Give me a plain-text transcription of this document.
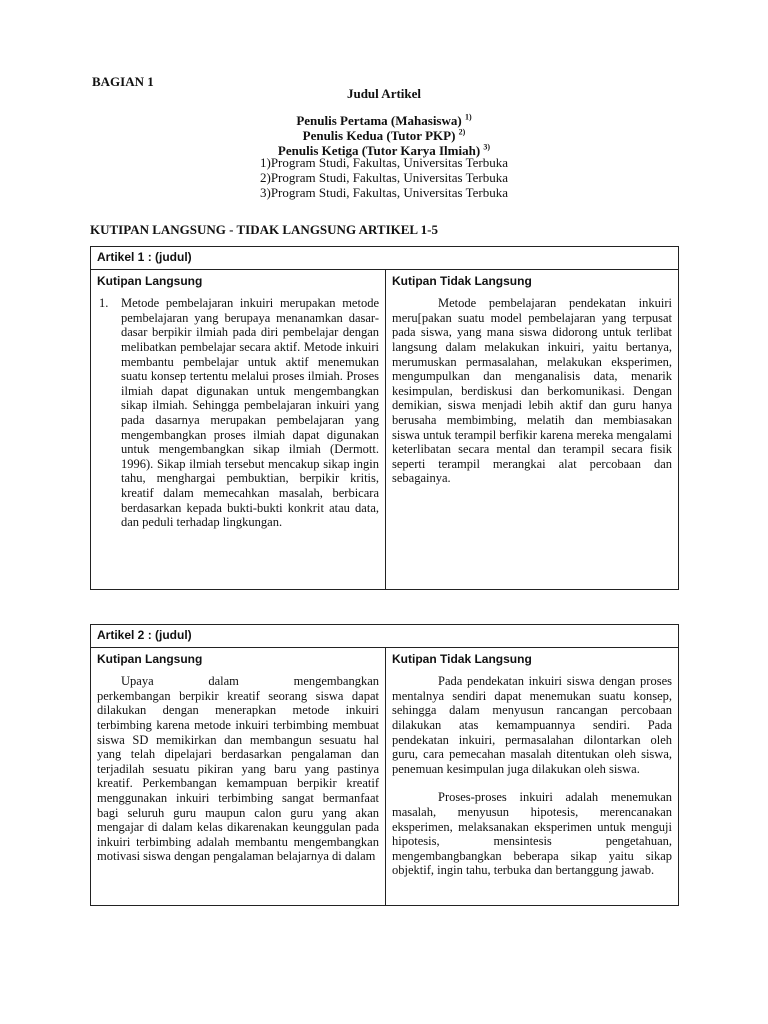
BAGIAN 1
Judul Artikel
Penulis Pertama (Mahasiswa) $^{1)}$
Penulis Kedua (Tutor PKP) $^{2)}$
Penulis Ketiga (Tutor Karya Ilmiah) $^{3)}$
1)Program Studi, Fakultas, Universitas Terbuka
2)Program Studi, Fakultas, Universitas Terbuka
3)Program Studi, Fakultas, Universitas Terbuka
KUTIPAN LANGSUNG - TIDAK LANGSUNG ARTIKEL 1-5
Artikel 1 : (judul)

Kutipan Langsung
1.	Metode pembelajaran inkuiri merupakan metode pembelajaran yang berupaya menanamkan dasar-dasar berpikir ilmiah pada diri pembelajar dengan melibatkan pembelajar secara aktif. Metode inkuiri membantu pembelajar untuk aktif menemukan suatu konsep tertentu melalui proses ilmiah. Proses ilmiah dapat digunakan untuk mengembangkan sikap ilmiah. Sehingga pembelajaran inkuiri yang pada dasarnya merupakan pembelajaran yang mengembangkan proses ilmiah dapat digunakan untuk mengembangkan sikap ilmiah (Dermott. 1996). Sikap ilmiah tersebut mencakup sikap ingin tahu, menghargai pembuktian, berpikir kritis, kreatif dalam memecahkan masalah, berbicara berdasarkan kepada bukti-bukti konkrit atau data, dan peduli terhadap lingkungan.

Kutipan Tidak Langsung
Metode pembelajaran pendekatan inkuiri meru[pakan suatu model pembelajaran yang terpusat pada siswa, yang mana siswa didorong untuk terlibat langsung dalam melakukan inkuiri, yaitu bertanya, merumuskan permasalahan, melakukan eksperimen, mengumpulkan dan menganalisis data, menarik kesimpulan, berdiskusi dan berkomunikasi. Dengan demikian, siswa menjadi lebih aktif dan guru hanya berusaha membimbing, melatih dan membiasakan siswa untuk terampil berfikir karena mereka mengalami keterlibatan secara mental dan terampil secara fisik seperti terampil merangkai alat percobaan dan sebagainya.
Artikel 2 : (judul)

Kutipan Langsung
Upaya dalam mengembangkan
perkembangan berpikir kreatif seorang siswa dapat dilakukan dengan menerapkan metode inkuiri terbimbing karena metode inkuiri terbimbing membuat siswa SD memikirkan dan membangun sesuatu hal yang telah dipelajari berdasarkan pengalaman dan terjadilah sesuatu pikiran yang baru yang pastinya kreatif. Perkembangan kemampuan berpikir kreatif menggunakan inkuiri terbimbing sangat bermanfaat bagi seluruh guru maupun calon guru yang akan mengajar di dalam kelas dikarenakan keunggulan pada inkuiri terbimbing adalah membantu mengembangkan motivasi siswa dengan pengalaman belajarnya di dalam

Kutipan Tidak Langsung
Pada pendekatan inkuiri siswa dengan proses mentalnya sendiri dapat menemukan suatu konsep, sehingga dalam menyusun rancangan percobaan dilakukan atas kemampuannya sendiri. Pada pendekatan inkuiri, permasalahan dilontarkan oleh guru, cara pemecahan masalah ditentukan oleh siswa, penemuan kesimpulan juga dilakukan oleh siswa.
Proses-proses inkuiri adalah menemukan masalah, menyusun hipotesis, merencanakan eksperimen, melaksanakan eksperimen untuk menguji hipotesis, mensintesis pengetahuan, mengembangbangkan beberapa sikap yaitu sikap objektif, ingin tahu, terbuka dan bertanggung jawab.
